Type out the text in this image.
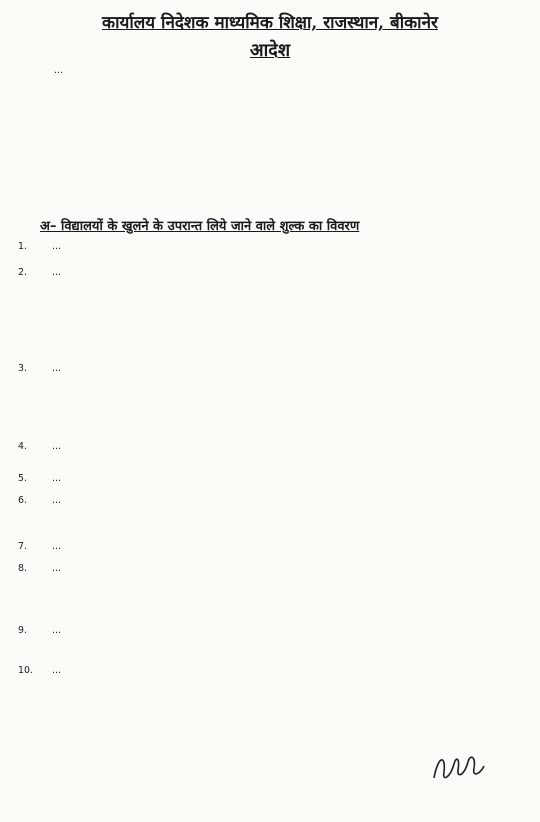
कार्यालय निदेशक माध्यमिक शिक्षा, राजस्थान, बीकानेर
आदेश
...
अ– विद्यालयों के खुलने के उपरान्त लिये जाने वाले शुल्क का विवरण
1.	...
2.	...
3.	...
4.	...
5.	...
6.	...
7.	...
8.	...
9.	...
10.	...
